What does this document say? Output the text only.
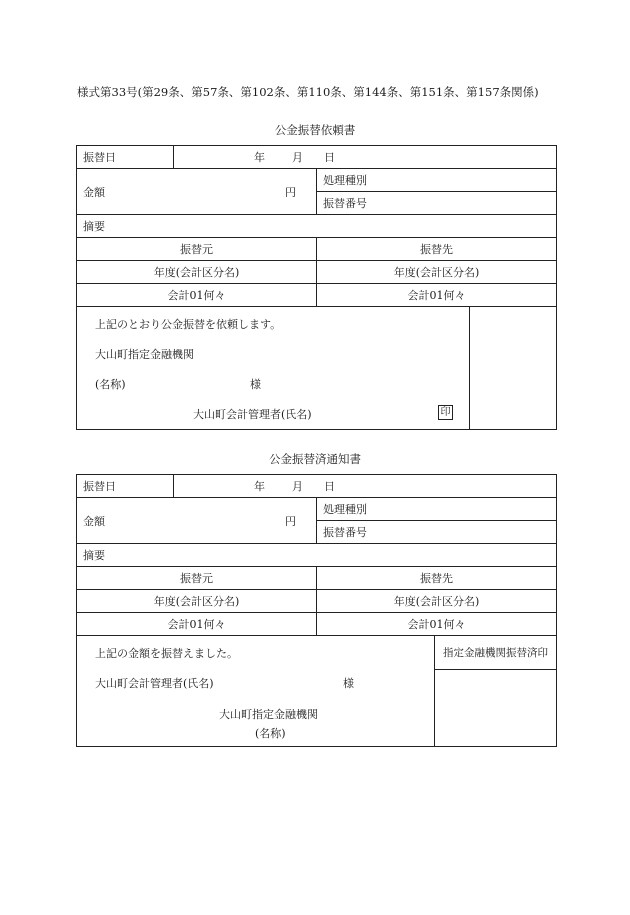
様式第33号(第29条、第57条、第102条、第110条、第144条、第151条、第157条関係)
公金振替依頼書
振替日	年 月 日
金額	円
処理種別
振替番号
摘要
振替元	振替先
年度(会計区分名)	年度(会計区分名)
会計01何々	会計01何々
上記のとおり公金振替を依頼します。
大山町指定金融機関
(名称)	様
大山町会計管理者(氏名)	印
公金振替済通知書
振替日	年 月 日
金額	円
処理種別
振替番号
摘要
振替元	振替先
年度(会計区分名)	年度(会計区分名)
会計01何々	会計01何々
上記の金額を振替えました。
大山町会計管理者(氏名)	様
大山町指定金融機関
(名称)
指定金融機関振替済印
